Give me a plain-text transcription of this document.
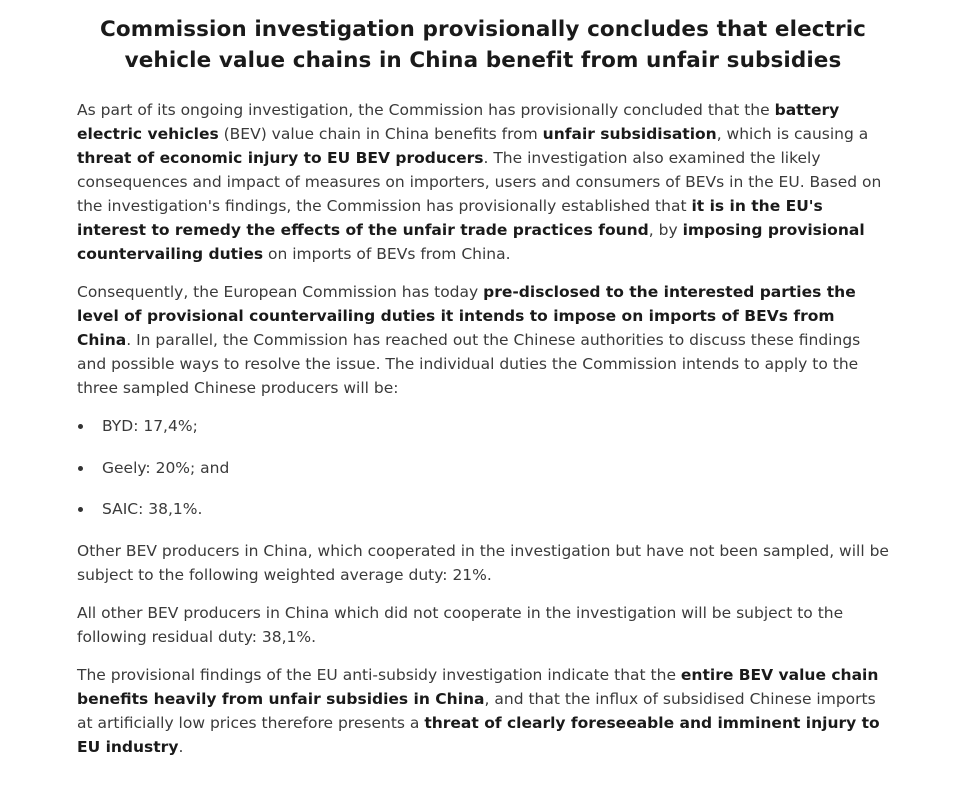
Commission investigation provisionally concludes that electric
vehicle value chains in China benefit from unfair subsidies

As part of its ongoing investigation, the Commission has provisionally concluded that the battery electric vehicles (BEV) value chain in China benefits from unfair subsidisation, which is causing a threat of economic injury to EU BEV producers. The investigation also examined the likely consequences and impact of measures on importers, users and consumers of BEVs in the EU. Based on the investigation's findings, the Commission has provisionally established that it is in the EU's interest to remedy the effects of the unfair trade practices found, by imposing provisional countervailing duties on imports of BEVs from China.

Consequently, the European Commission has today pre-disclosed to the interested parties the level of provisional countervailing duties it intends to impose on imports of BEVs from China. In parallel, the Commission has reached out the Chinese authorities to discuss these findings and possible ways to resolve the issue. The individual duties the Commission intends to apply to the three sampled Chinese producers will be:

BYD: 17,4%;
Geely: 20%; and
SAIC: 38,1%.

Other BEV producers in China, which cooperated in the investigation but have not been sampled, will be subject to the following weighted average duty: 21%.

All other BEV producers in China which did not cooperate in the investigation will be subject to the following residual duty: 38,1%.

The provisional findings of the EU anti-subsidy investigation indicate that the entire BEV value chain benefits heavily from unfair subsidies in China, and that the influx of subsidised Chinese imports at artificially low prices therefore presents a threat of clearly foreseeable and imminent injury to EU industry.
